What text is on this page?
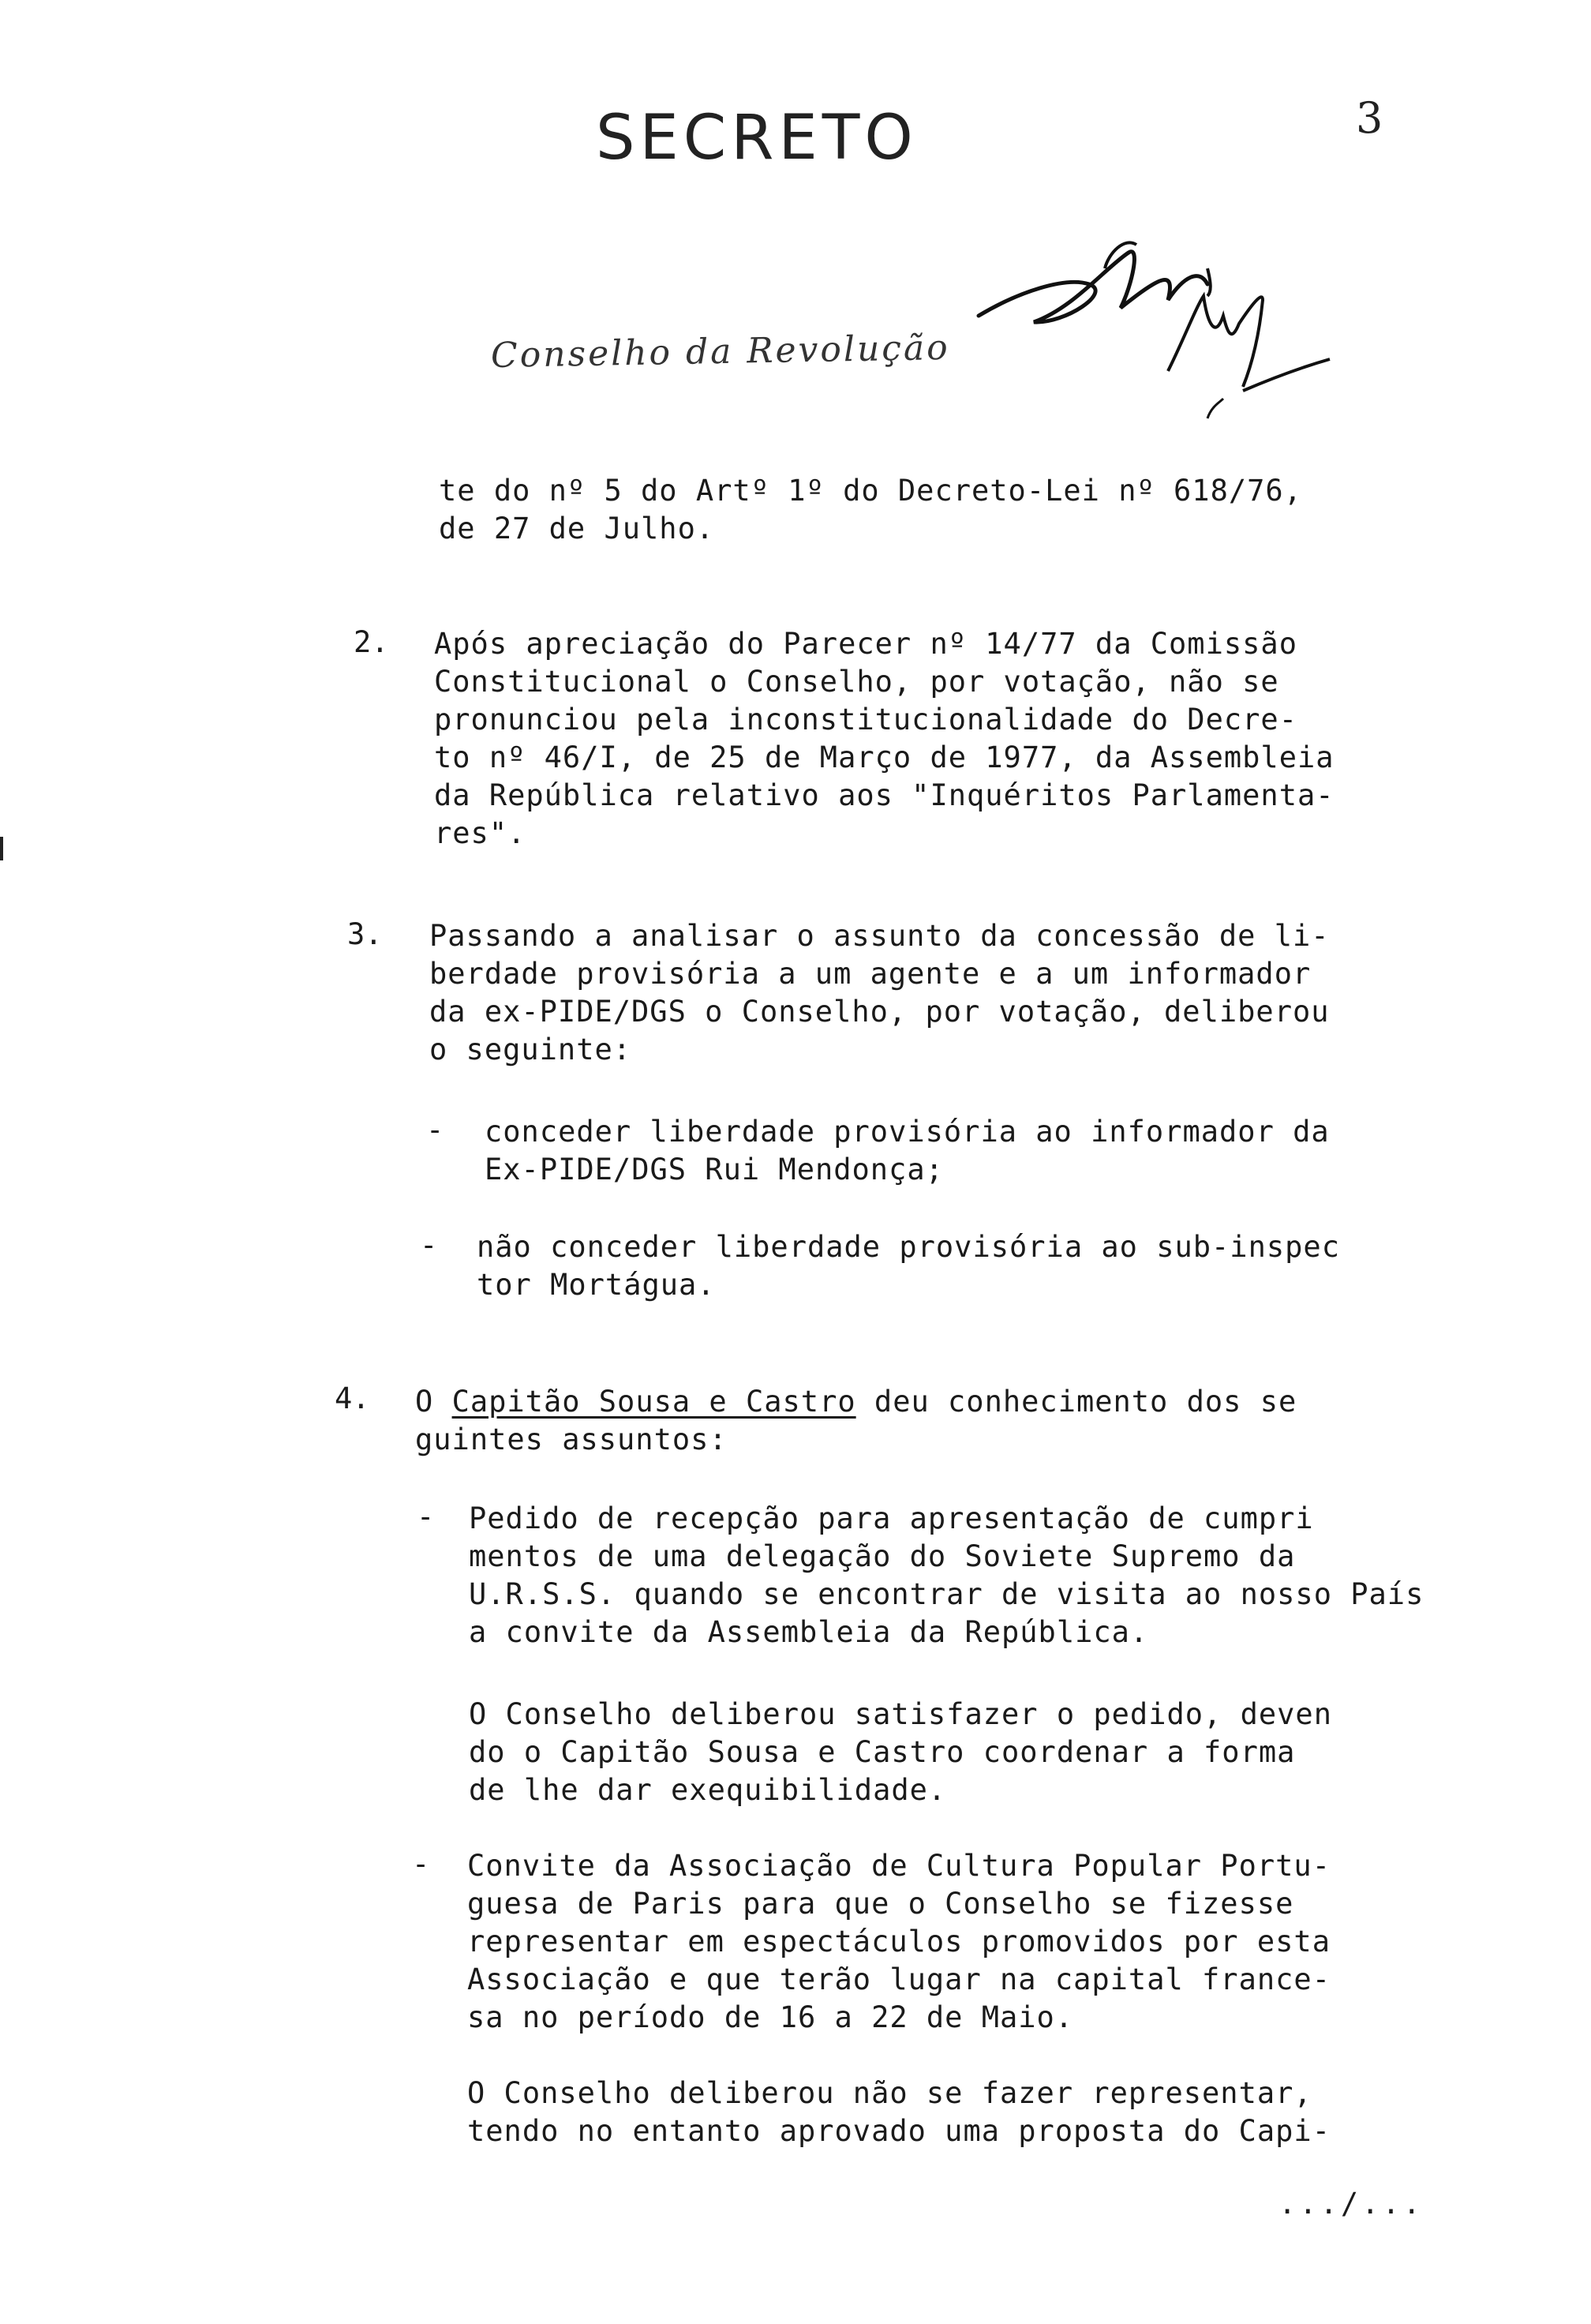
SECRETO	3
Conselho da Revolução
te do nº 5 do Artº 1º do Decreto-Lei nº 618/76,
de 27 de Julho.
2. Após apreciação do Parecer nº 14/77 da Comissão
Constitucional o Conselho, por votação, não se
pronunciou pela inconstitucionalidade do Decre-
to nº 46/I, de 25 de Março de 1977, da Assembleia
da República relativo aos "Inquéritos Parlamenta-
res".
3. Passando a analisar o assunto da concessão de li-
berdade provisória a um agente e a um informador
da ex-PIDE/DGS o Conselho, por votação, deliberou
o seguinte:
- conceder liberdade provisória ao informador da
Ex-PIDE/DGS Rui Mendonça;
- não conceder liberdade provisória ao sub-inspec
tor Mortágua.
4. O Capitão Sousa e Castro deu conhecimento dos se
guintes assuntos:
- Pedido de recepção para apresentação de cumpri
mentos de uma delegação do Soviete Supremo da
U.R.S.S. quando se encontrar de visita ao nosso País
a convite da Assembleia da República.
O Conselho deliberou satisfazer o pedido, deven
do o Capitão Sousa e Castro coordenar a forma
de lhe dar exequibilidade.
- Convite da Associação de Cultura Popular Portu-
guesa de Paris para que o Conselho se fizesse
representar em espectáculos promovidos por esta
Associação e que terão lugar na capital france-
sa no período de 16 a 22 de Maio.
O Conselho deliberou não se fazer representar,
tendo no entanto aprovado uma proposta do Capi-
.../...
